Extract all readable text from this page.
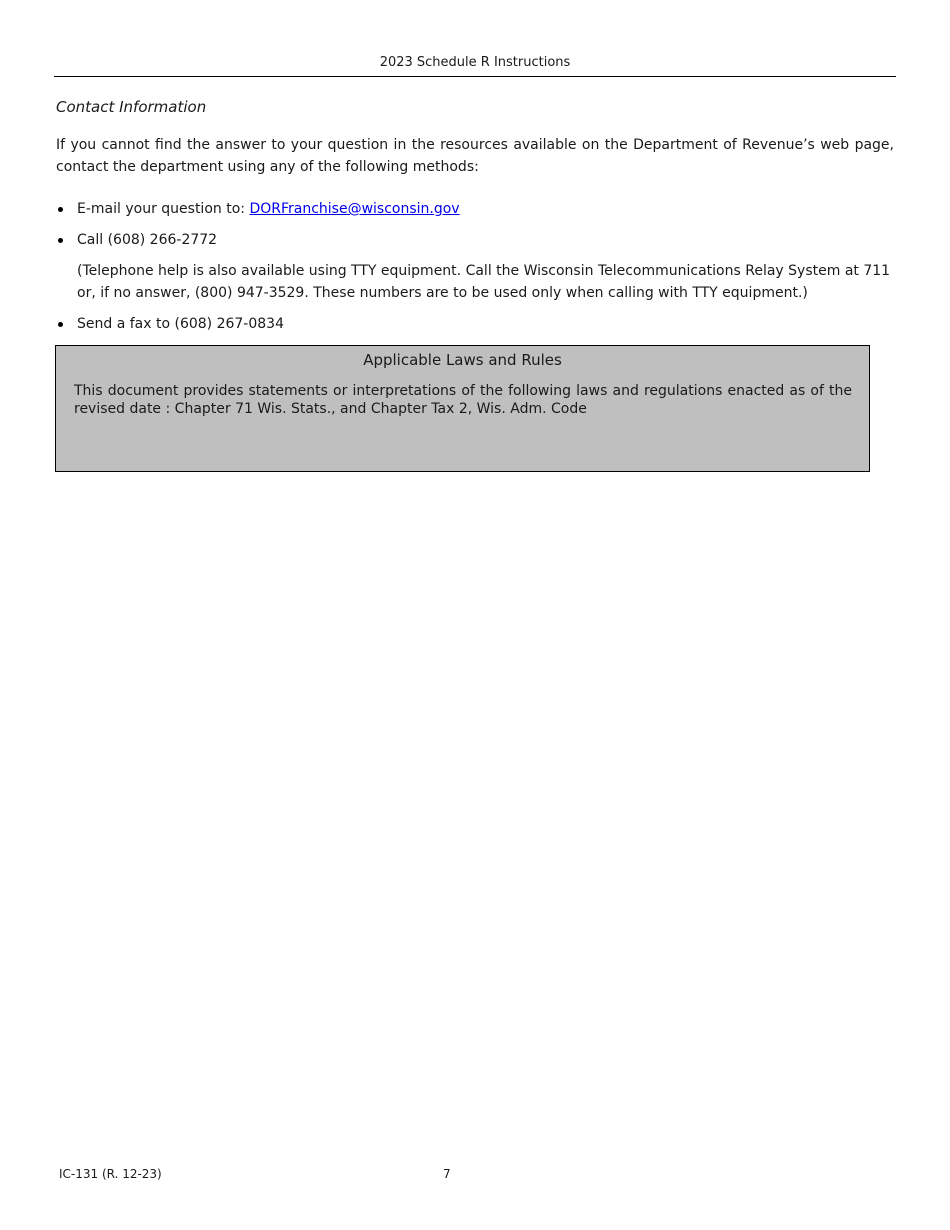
2023 Schedule R Instructions
Contact Information

If you cannot find the answer to your question in the resources available on the Department of Revenue’s web page, contact the department using any of the following methods:

E-mail your question to: DORFranchise@wisconsin.gov
Call (608) 266-2772

(Telephone help is also available using TTY equipment. Call the Wisconsin Telecommunications Relay System at 711 or, if no answer, (800) 947-3529. These numbers are to be used only when calling with TTY equipment.)

Send a fax to (608) 267-0834
Applicable Laws and Rules

This document provides statements or interpretations of the following laws and regulations enacted as of the revised date : Chapter 71 Wis. Stats., and Chapter Tax 2, Wis. Adm. Code

IC-131 (R. 12-23)	7
